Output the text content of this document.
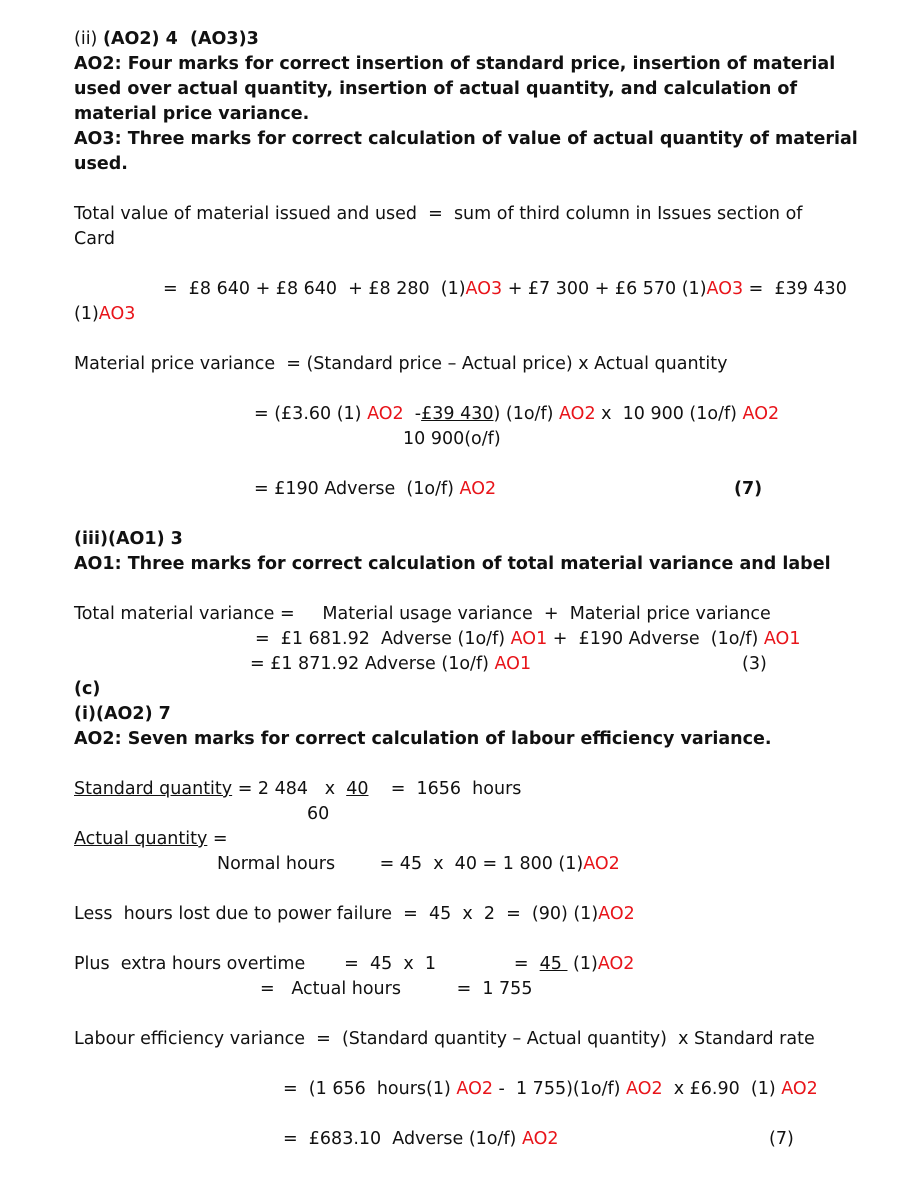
(ii) (AO2) 4  (AO3)3
AO2: Four marks for correct insertion of standard price, insertion of material
used over actual quantity, insertion of actual quantity, and calculation of
material price variance.
AO3: Three marks for correct calculation of value of actual quantity of material
used.
Total value of material issued and used  =  sum of third column in Issues section of
Card
=  £8 640 + £8 640  + £8 280  (1)AO3 + £7 300 + £6 570 (1)AO3 =  £39 430
(1)AO3
Material price variance  = (Standard price – Actual price) x Actual quantity
= (£3.60 (1) AO2  -£39 430) (1o/f) AO2 x  10 900 (1o/f) AO2
10 900(o/f)
= £190 Adverse  (1o/f) AO2	(7)
(iii)(AO1) 3
AO1: Three marks for correct calculation of total material variance and label
Total material variance =     Material usage variance  +  Material price variance
=  £1 681.92  Adverse (1o/f) AO1 +  £190 Adverse  (1o/f) AO1
= £1 871.92 Adverse (1o/f) AO1	(3)
(c)
(i)(AO2) 7
AO2: Seven marks for correct calculation of labour efficiency variance.
Standard quantity = 2 484   x  40    =  1656  hours
60
Actual quantity =
Normal hours        = 45  x  40 = 1 800 (1)AO2
Less  hours lost due to power failure  =  45  x  2  =  (90) (1)AO2
Plus  extra hours overtime       =  45  x  1              =  45  (1)AO2
=   Actual hours          =  1 755
Labour efficiency variance  =  (Standard quantity – Actual quantity)  x Standard rate
=  (1 656  hours(1) AO2 -  1 755)(1o/f) AO2  x £6.90  (1) AO2
=  £683.10  Adverse (1o/f) AO2	(7)
